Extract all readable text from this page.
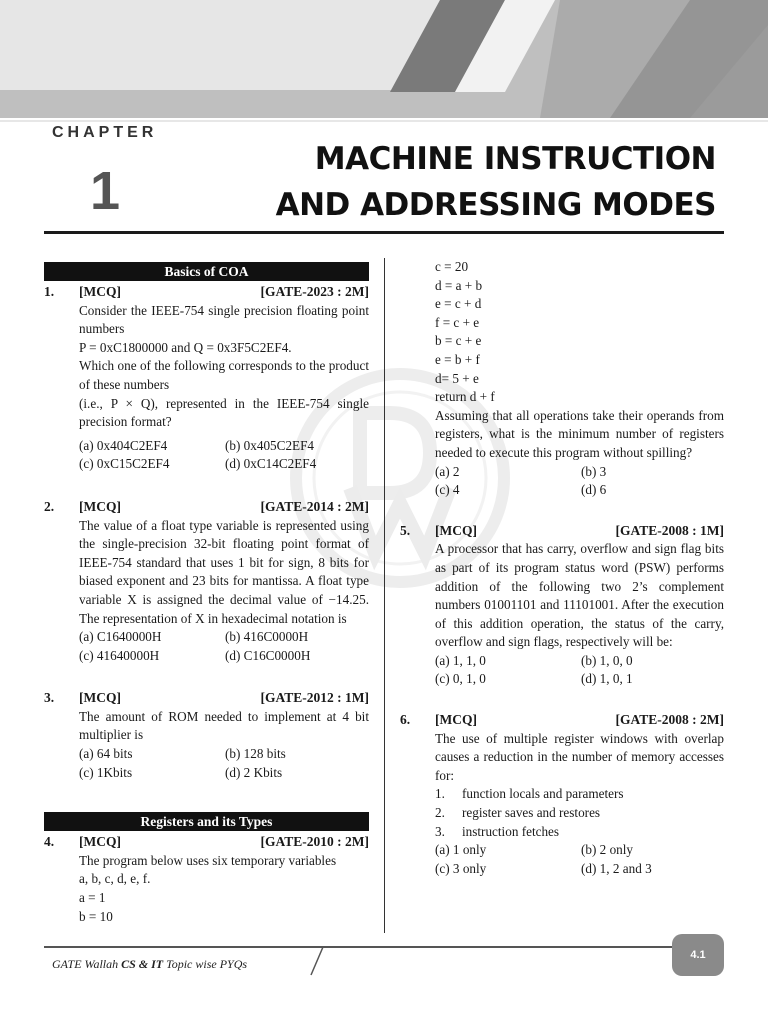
CHAPTER
1
MACHINE INSTRUCTION
AND ADDRESSING MODES
Basics of COA
1.	[MCQ]	[GATE-2023 : 2M]

Consider the IEEE-754 single precision floating point numbers

P = 0xC1800000 and Q = 0x3F5C2EF4.

Which one of the following corresponds to the product of these numbers

(i.e., P × Q), represented in the IEEE-754 single precision format?

(a) 0x404C2EF4	(b) 0x405C2EF4
(c) 0xC15C2EF4	(d) 0xC14C2EF4
2.	[MCQ]	[GATE-2014 : 2M]
The value of a float type variable is represented using the single-precision 32-bit floating point format of IEEE-754 standard that uses 1 bit for sign, 8 bits for biased exponent and 23 bits for mantissa. A float type variable X is assigned the decimal value of −14.25. The representation of X in hexadecimal notation is
(a) C1640000H	(b) 416C0000H
(c) 41640000H	(d) C16C0000H
3.	[MCQ]	[GATE-2012 : 1M]
The amount of ROM needed to implement at 4 bit multiplier is
(a) 64 bits	(b) 128 bits
(c) 1Kbits	(d) 2 Kbits
Registers and its Types
4.	[MCQ]	[GATE-2010 : 2M]

The program below uses six temporary variables

a, b, c, d, e, f.

a = 1
b = 10
c = 20
d = a + b
e = c + d
f = c + e
b = c + e
e = b + f
d= 5 + e
return d + f
Assuming that all operations take their operands from registers, what is the minimum number of registers needed to execute this program without spilling?
(a) 2	(b) 3
(c) 4	(d) 6
5.	[MCQ]	[GATE-2008 : 1M]
A processor that has carry, overflow and sign flag bits as part of its program status word (PSW) performs addition of the following two 2’s complement numbers 01001101 and 11101001. After the execution of this addition operation, the status of the carry, overflow and sign flags, respectively will be:
(a) 1, 1, 0	(b) 1, 0, 0
(c) 0, 1, 0	(d) 1, 0, 1
6.	[MCQ]	[GATE-2008 : 2M]
The use of multiple register windows with overlap causes a reduction in the number of memory accesses for:
1.	function locals and parameters
2.	register saves and restores
3.	instruction fetches
(a) 1 only	(b) 2 only
(c) 3 only	(d) 1, 2 and 3
GATE Wallah CS & IT Topic wise PYQs
4.1
